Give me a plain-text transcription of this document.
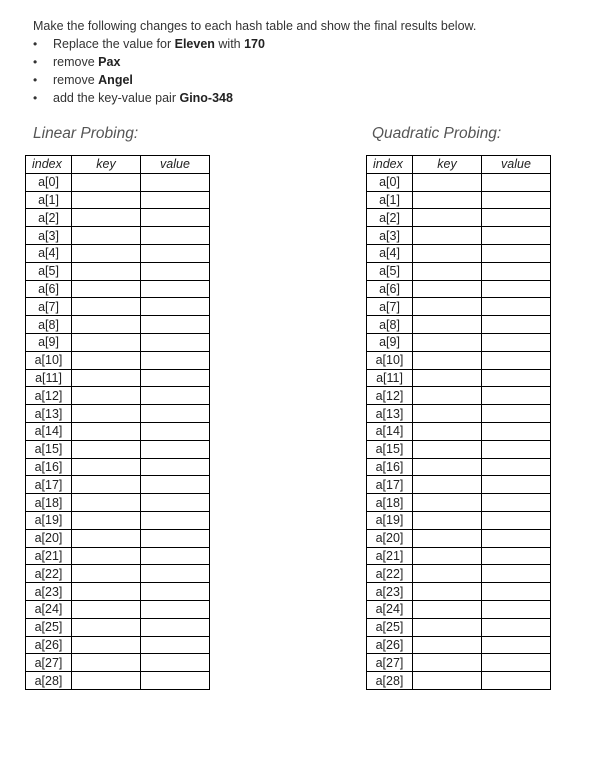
Make the following changes to each hash table and show the final results below.
• Replace the value for Eleven with 170
• remove Pax
• remove Angel
• add the key-value pair Gino-348
Linear Probing:	Quadratic Probing:
index	key	value
a[0]		
a[1]		
a[2]		
a[3]		
a[4]		
a[5]		
a[6]		
a[7]		
a[8]		
a[9]		
a[10]		
a[11]		
a[12]		
a[13]		
a[14]		
a[15]		
a[16]		
a[17]		
a[18]		
a[19]		
a[20]		
a[21]		
a[22]		
a[23]		
a[24]		
a[25]		
a[26]		
a[27]		
a[28]		
index	key	value
a[0]		
a[1]		
a[2]		
a[3]		
a[4]		
a[5]		
a[6]		
a[7]		
a[8]		
a[9]		
a[10]		
a[11]		
a[12]		
a[13]		
a[14]		
a[15]		
a[16]		
a[17]		
a[18]		
a[19]		
a[20]		
a[21]		
a[22]		
a[23]		
a[24]		
a[25]		
a[26]		
a[27]		
a[28]		
